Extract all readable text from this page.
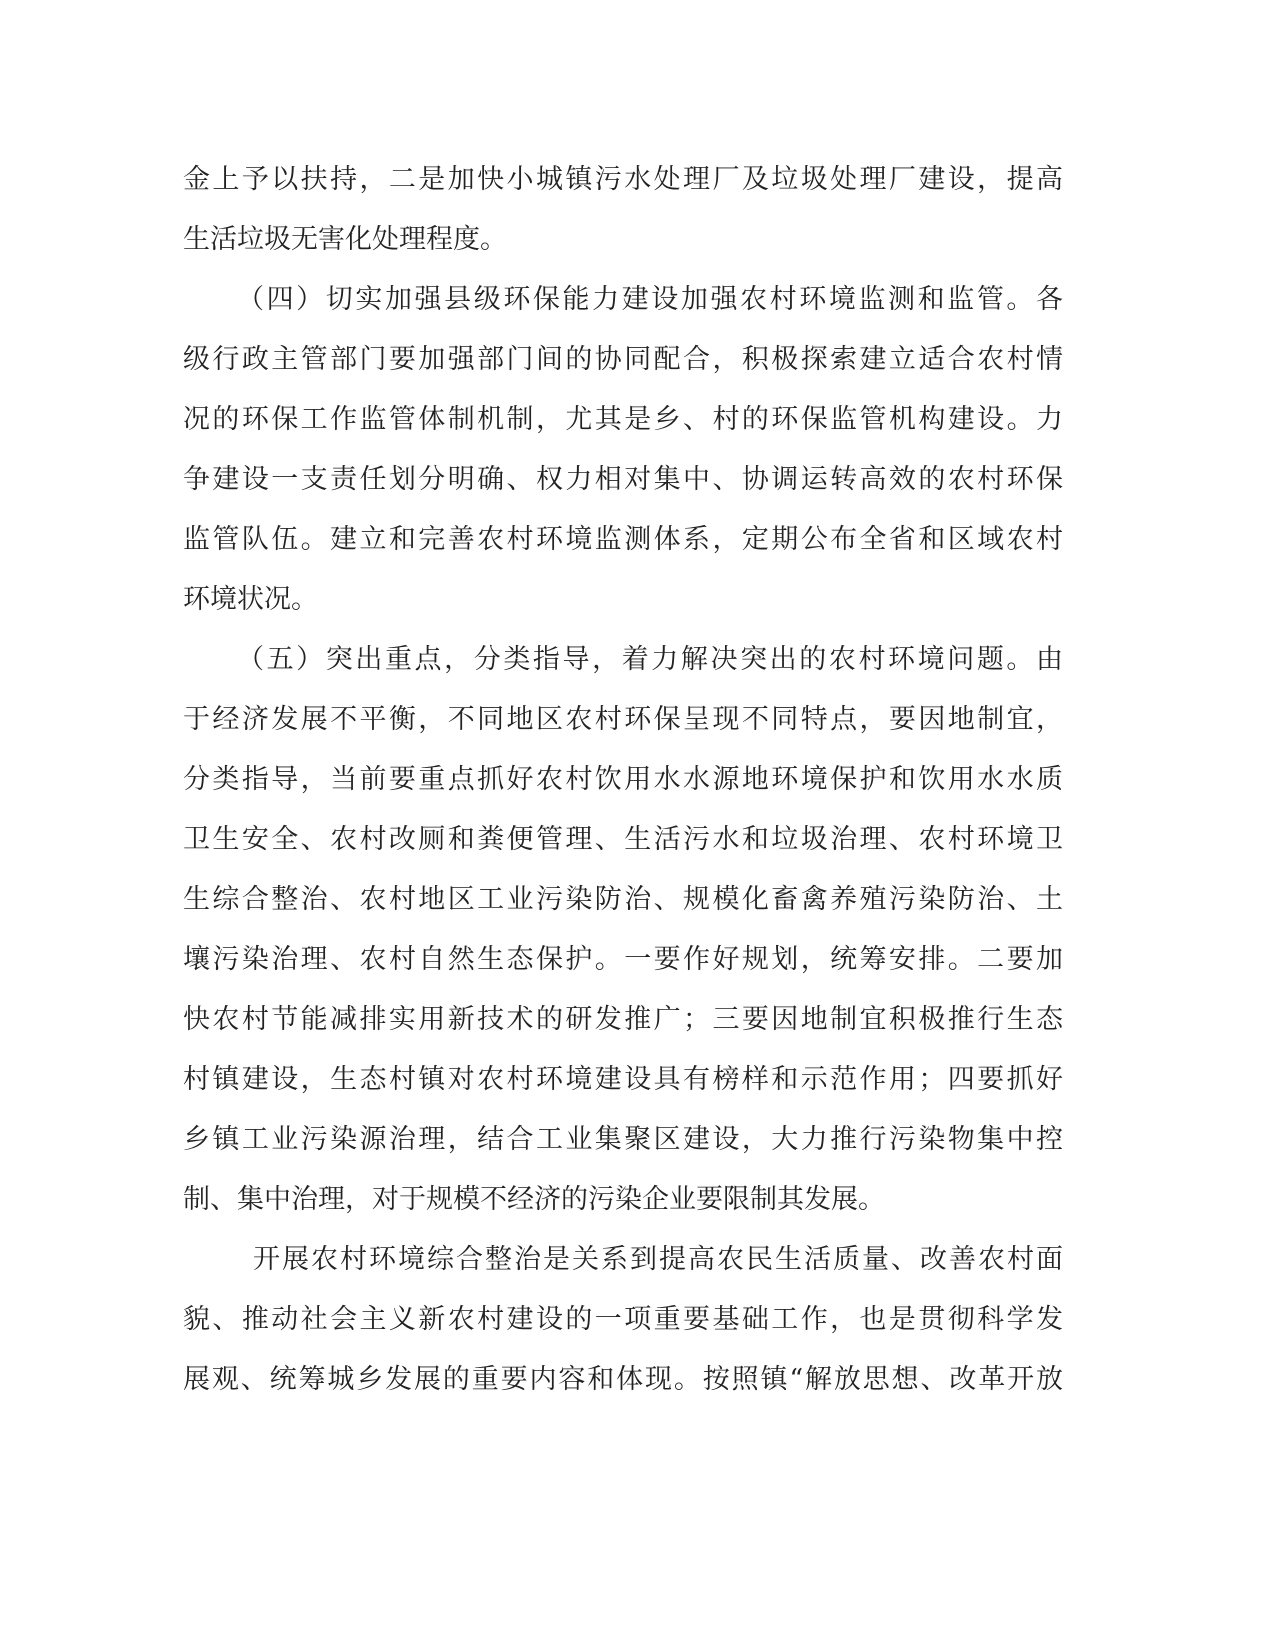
金上予以扶持，二是加快小城镇污水处理厂及垃圾处理厂建设，提高
生活垃圾无害化处理程度。
（四）切实加强县级环保能力建设加强农村环境监测和监管。各
级行政主管部门要加强部门间的协同配合，积极探索建立适合农村情
况的环保工作监管体制机制，尤其是乡、村的环保监管机构建设。力
争建设一支责任划分明确、权力相对集中、协调运转高效的农村环保
监管队伍。建立和完善农村环境监测体系，定期公布全省和区域农村
环境状况。
（五）突出重点，分类指导，着力解决突出的农村环境问题。由
于经济发展不平衡，不同地区农村环保呈现不同特点，要因地制宜，
分类指导，当前要重点抓好农村饮用水水源地环境保护和饮用水水质
卫生安全、农村改厕和粪便管理、生活污水和垃圾治理、农村环境卫
生综合整治、农村地区工业污染防治、规模化畜禽养殖污染防治、土
壤污染治理、农村自然生态保护。一要作好规划，统筹安排。二要加
快农村节能减排实用新技术的研发推广；三要因地制宜积极推行生态
村镇建设，生态村镇对农村环境建设具有榜样和示范作用；四要抓好
乡镇工业污染源治理，结合工业集聚区建设，大力推行污染物集中控
制、集中治理，对于规模不经济的污染企业要限制其发展。
开展农村环境综合整治是关系到提高农民生活质量、改善农村面
貌、推动社会主义新农村建设的一项重要基础工作，也是贯彻科学发
展观、统筹城乡发展的重要内容和体现。按照镇“解放思想、改革开放
